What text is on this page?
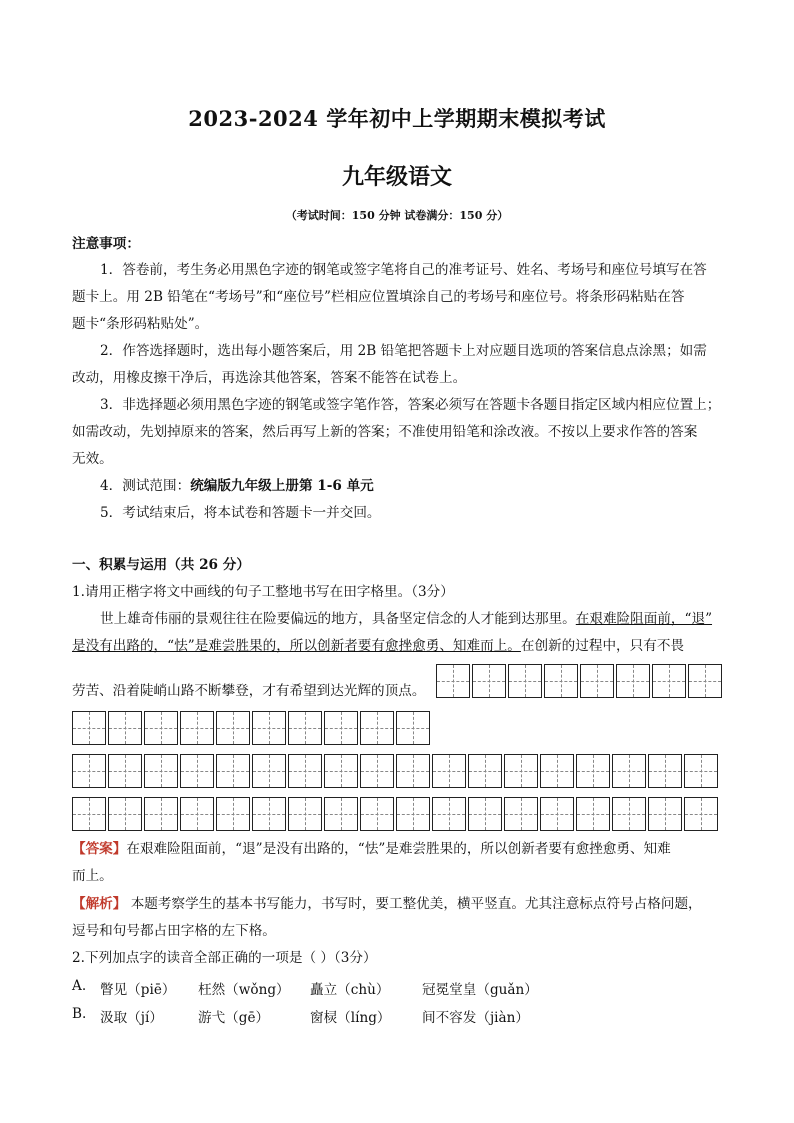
2023-2024 学年初中上学期期末模拟考试
九年级语文
（考试时间：150 分钟 试卷满分：150 分）
注意事项：
1．答卷前，考生务必用黑色字迹的钢笔或签字笔将自己的准考证号、姓名、考场号和座位号填写在答
题卡上。用 2B 铅笔在“考场号”和“座位号”栏相应位置填涂自己的考场号和座位号。将条形码粘贴在答
题卡“条形码粘贴处”。
2．作答选择题时，选出每小题答案后，用 2B 铅笔把答题卡上对应题目选项的答案信息点涂黑；如需
改动，用橡皮擦干净后，再选涂其他答案，答案不能答在试卷上。
3．非选择题必须用黑色字迹的钢笔或签字笔作答，答案必须写在答题卡各题目指定区域内相应位置上；
如需改动，先划掉原来的答案，然后再写上新的答案；不准使用铅笔和涂改液。不按以上要求作答的答案
无效。
4．测试范围：统编版九年级上册第 1-6 单元
5．考试结束后，将本试卷和答题卡一并交回。
一、积累与运用（共 26 分）
1.请用正楷字将文中画线的句子工整地书写在田字格里。（3分）
世上雄奇伟丽的景观往往在险要偏远的地方，具备坚定信念的人才能到达那里。在艰难险阻面前，“退”
是没有出路的，“怯”是难尝胜果的，所以创新者要有愈挫愈勇、知难而上。在创新的过程中，只有不畏
劳苦、沿着陡峭山路不断攀登，才有希望到达光辉的顶点。
【答案】在艰难险阻面前，“退”是没有出路的，“怯”是难尝胜果的，所以创新者要有愈挫愈勇、知难
而上。
【解析】 本题考察学生的基本书写能力，书写时，要工整优美，横平竖直。尤其注意标点符号占格问题，
逗号和句号都占田字格的左下格。
2.下列加点字的读音全部正确的一项是（ ）（3分）
A. 瞥见（piē） 枉然（wǒng） 矗立（chù） 冠冕堂皇（guǎn）
B. 汲取（jí）	游弋（gē）	窗棂（líng） 间不容发（jiàn）
